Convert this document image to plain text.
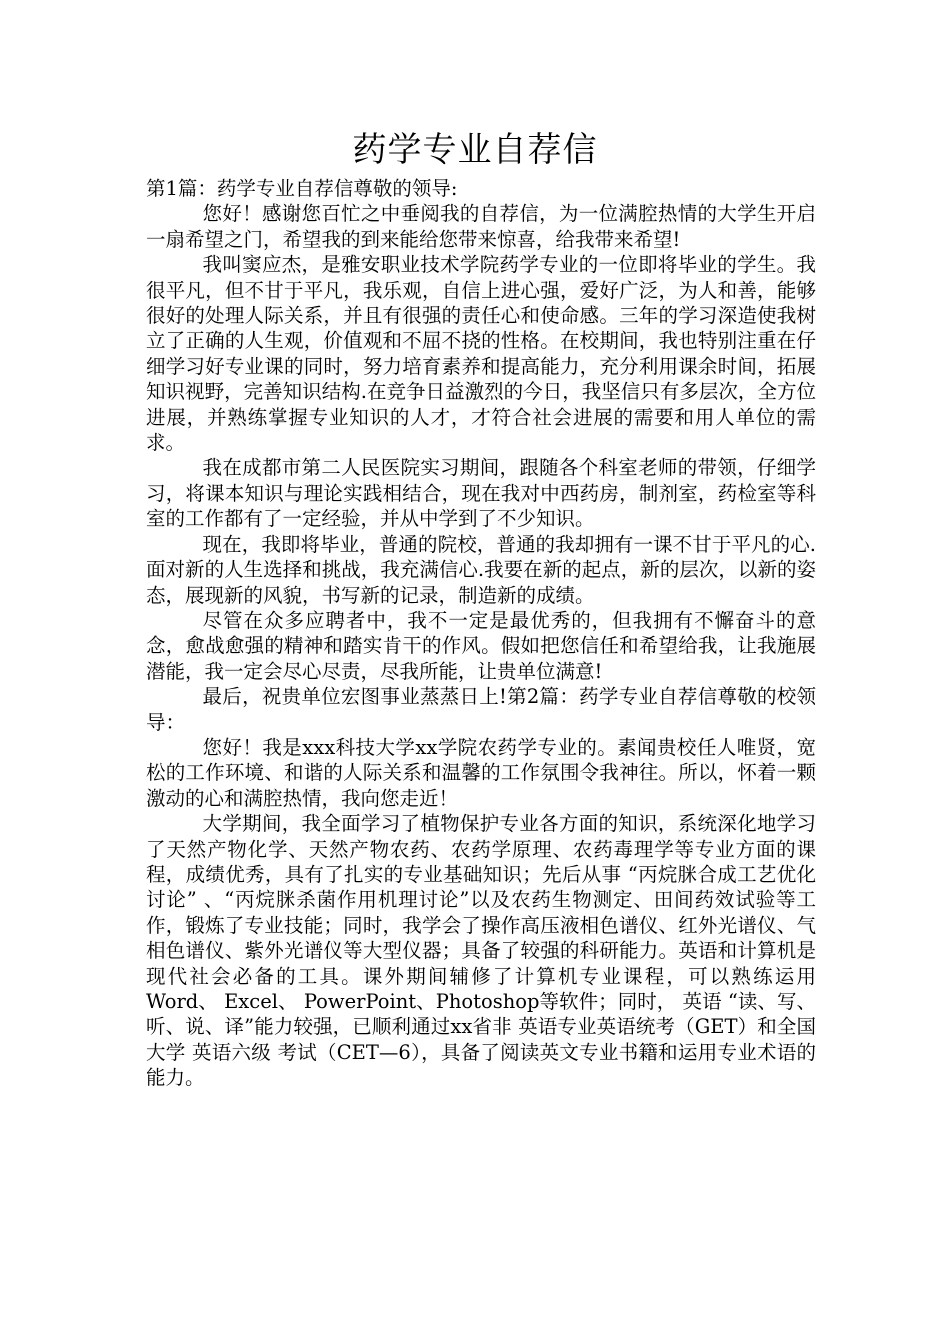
药学专业自荐信

第1篇：药学专业自荐信尊敬的领导:

您好！感谢您百忙之中垂阅我的自荐信，为一位满腔热情的大学生开启一扇希望之门，希望我的到来能给您带来惊喜，给我带来希望!

我叫窦应杰，是雅安职业技术学院药学专业的一位即将毕业的学生。我很平凡，但不甘于平凡，我乐观，自信上进心强，爱好广泛，为人和善，能够很好的处理人际关系，并且有很强的责任心和使命感。三年的学习深造使我树立了正确的人生观，价值观和不屈不挠的性格。在校期间，我也特别注重在仔细学习好专业课的同时，努力培育素养和提高能力，充分利用课余时间，拓展知识视野，完善知识结构.在竞争日益激烈的今日，我坚信只有多层次，全方位进展，并熟练掌握专业知识的人才，才符合社会进展的需要和用人单位的需求。

我在成都市第二人民医院实习期间，跟随各个科室老师的带领，仔细学习，将课本知识与理论实践相结合，现在我对中西药房，制剂室，药检室等科室的工作都有了一定经验，并从中学到了不少知识。

现在，我即将毕业，普通的院校，普通的我却拥有一课不甘于平凡的心.面对新的人生选择和挑战，我充满信心.我要在新的起点，新的层次，以新的姿态，展现新的风貌，书写新的记录，制造新的成绩。

尽管在众多应聘者中，我不一定是最优秀的，但我拥有不懈奋斗的意念，愈战愈强的精神和踏实肯干的作风。假如把您信任和希望给我，让我施展潜能，我一定会尽心尽责，尽我所能，让贵单位满意!

最后，祝贵单位宏图事业蒸蒸日上!第2篇：药学专业自荐信尊敬的校领导：

您好！我是xxx科技大学xx学院农药学专业的。素闻贵校任人唯贤，宽松的工作环境、和谐的人际关系和温馨的工作氛围令我神往。所以，怀着一颗激动的心和满腔热情，我向您走近！

大学期间，我全面学习了植物保护专业各方面的知识，系统深化地学习了天然产物化学、天然产物农药、农药学原理、农药毒理学等专业方面的课程，成绩优秀，具有了扎实的专业基础知识；先后从事 “丙烷脒合成工艺优化讨论” 、“丙烷脒杀菌作用机理讨论”以及农药生物测定、田间药效试验等工作，锻炼了专业技能；同时，我学会了操作高压液相色谱仪、红外光谱仪、气相色谱仪、紫外光谱仪等大型仪器；具备了较强的科研能力。英语和计算机是现代社会必备的工具。课外期间辅修了计算机专业课程，可以熟练运用Word、 Excel、 PowerPoint、Photoshop等软件；同时， 英语 “读、写、听、说、译”能力较强，已顺利通过xx省非 英语专业英语统考（GET）和全国大学 英语六级 考试（CET—6），具备了阅读英文专业书籍和运用专业术语的能力。
